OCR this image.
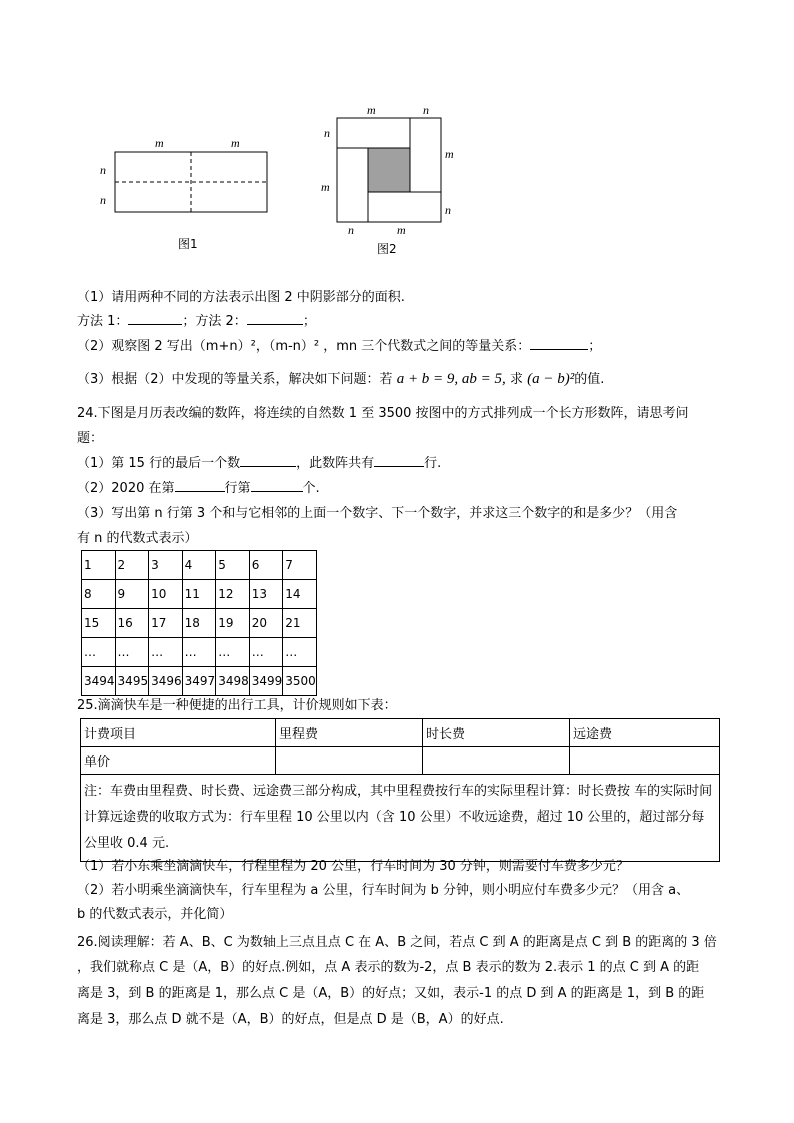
m	m
n
n
图1
m	n
n
m
m
n
n	m
图2
（1）请用两种不同的方法表示出图 2 中阴影部分的面积.
方法 1：	；方法 2：	；
（2）观察图 2 写出（m+n）²，（m-n）² ，mn 三个代数式之间的等量关系：	；
（3）根据（2）中发现的等量关系，解决如下问题：若 a + b = 9, ab = 5, 求 (a − b)²的值.
24.下图是月历表改编的数阵，将连续的自然数 1 至 3500 按图中的方式排列成一个长方形数阵，请思考问
题：
（1）第 15 行的最后一个数	，此数阵共有	行.
（2）2020 在第	行第	个.
（3）写出第 n 行第 3 个和与它相邻的上面一个数字、下一个数字，并求这三个数字的和是多少？（用含
有 n 的代数式表示）
1	2	3	4	5	6	7
8	9	10	11	12	13	14
15	16	17	18	19	20	21
…	…	…	…	…	…	…
3494	3495	3496	3497	3498	3499	3500
25.滴滴快车是一种便捷的出行工具，计价规则如下表：
计费项目	里程费	时长费	远途费
单价			
注：车费由里程费、时长费、远途费三部分构成，其中里程费按行车的实际里程计算：时长费按 车的实际时间计算远途费的收取方式为：行车里程 10 公里以内（含 10 公里）不收远途费，超过 10 公里的，超过部分每公里收 0.4 元.			
（1）若小东乘坐滴滴快车，行程里程为 20 公里，行车时间为 30 分钟，则需要付车费多少元？
（2）若小明乘坐滴滴快车，行车里程为 a 公里，行车时间为 b 分钟，则小明应付车费多少元？（用含 a、
b 的代数式表示，并化简）
26.阅读理解：若 A、B、C 为数轴上三点且点 C 在 A、B 之间，若点 C 到 A 的距离是点 C 到 B 的距离的 3 倍
，我们就称点 C 是（A，B）的好点.例如，点 A 表示的数为-2，点 B 表示的数为 2.表示 1 的点 C 到 A 的距
离是 3，到 B 的距离是 1，那么点 C 是（A，B）的好点；又如，表示-1 的点 D 到 A 的距离是 1，到 B 的距
离是 3，那么点 D 就不是（A，B）的好点，但是点 D 是（B，A）的好点.
